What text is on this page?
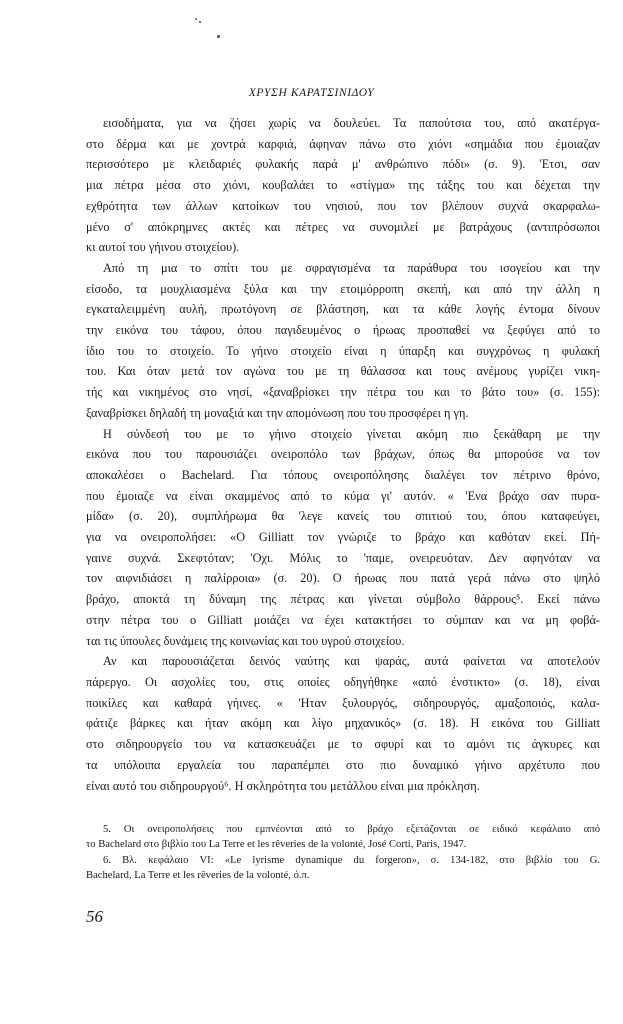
ΧΡΥΣΗ ΚΑΡΑΤΣΙΝΙΔΟΥ
εισοδήματα, για να ζήσει χωρίς να δουλεύει. Τα παπούτσια του, από ακατέργα-
στο δέρμα και με χοντρά καρφιά, άφηναν πάνω στο χιόνι «σημάδια που έμοιαζαν
περισσότερο με κλειδαριές φυλακής παρά μ' ανθρώπινο πόδι» (σ. 9). 'Ετσι, σαν
μια πέτρα μέσα στο χιόνι, κουβαλάει το «στίγμα» της τάξης του και δέχεται την
εχθρότητα των άλλων κατοίκων του νησιού, που τον βλέπουν συχνά σκαρφαλω-
μένο σ' απόκρημνες ακτές και πέτρες να συνομιλεί με βατράχους (αντιπρόσωποι
κι αυτοί του γήινου στοιχείου).
Από τη μια το σπίτι του με σφραγισμένα τα παράθυρα του ισογείου και την
είσοδο, τα μουχλιασμένα ξύλα και την ετοιμόρροπη σκεπή, και από την άλλη η
εγκαταλειμμένη αυλή, πρωτόγονη σε βλάστηση, και τα κάθε λογής έντομα δίνουν
την εικόνα του τάφου, όπου παγιδευμένος ο ήρωας προσπαθεί να ξεφύγει από το
ίδιο του το στοιχείο. Το γήινο στοιχείο είναι η ύπαρξη και συγχρόνως η φυλακή
του. Και όταν μετά τον αγώνα του με τη θάλασσα και τους ανέμους γυρίζει νικη-
τής και νικημένος στο νησί, «ξαναβρίσκει την πέτρα του και το βάτο του» (σ. 155):
ξαναβρίσκει δηλαδή τη μοναξιά και την απομόνωση που του προσφέρει η γη.
Η σύνδεσή του με το γήινο στοιχείο γίνεται ακόμη πιο ξεκάθαρη με την
εικόνα που του παρουσιάζει ονειροπόλο των βράχων, όπως θα μπορούσε να τον
αποκαλέσει ο Bachelard. Για τόπους ονειροπόλησης διαλέγει τον πέτρινο θρόνο,
που έμοιαζε να είναι σκαμμένος από το κύμα γι' αυτόν. « 'Ενα βράχο σαν πυρα-
μίδα» (σ. 20), συμπλήρωμα θα 'λεγε κανείς του σπιτιού του, όπου καταφεύγει,
για να ονειροπολήσει: «Ο Gilliatt τον γνώριζε το βράχο και καθόταν εκεί. Πή-
γαινε συχνά. Σκεφτόταν; 'Οχι. Μόλις το 'παμε, ονειρευόταν. Δεν αφηνόταν να
τον αιφνιδιάσει η παλίρροια» (σ. 20). Ο ήρωας που πατά γερά πάνω στο ψηλό
βράχο, αποκτά τη δύναμη της πέτρας και γίνεται σύμβολο θάρρους⁵. Εκεί πάνω
στην πέτρα του ο Gilliatt μοιάζει να έχει κατακτήσει το σύμπαν και να μη φοβά-
ται τις ύπουλες δυνάμεις της κοινωνίας και του υγρού στοιχείου.
Αν και παρουσιάζεται δεινός ναύτης και ψαράς, αυτά φαίνεται να αποτελούν
πάρεργο. Οι ασχολίες του, στις οποίες οδηγήθηκε «από ένστικτο» (σ. 18), είναι
ποικίλες και καθαρά γήινες. « 'Ηταν ξυλουργός, σιδηρουργός, αμαξοποιός, καλα-
φάτιζε βάρκες και ήταν ακόμη και λίγο μηχανικός» (σ. 18). Η εικόνα του Gilliatt
στο σιδηρουργείο του να κατασκευάζει με το σφυρί και το αμόνι τις άγκυρες και
τα υπόλοιπα εργαλεία του παραπέμπει στο πιο δυναμικό γήινο αρχέτυπο που
είναι αυτό του σιδηρουργού⁶. Η σκληρότητα του μετάλλου είναι μια πρόκληση.
5. Οι ονειροπολήσεις που εμπνέονται από το βράχο εξετάζονται σε ειδικό κεφάλαιο από
το Bachelard στο βιβλίο του La Terre et les rêveries de la volonté, José Corti, Paris, 1947.
6. Βλ. κεφάλαιο VI: «Le lyrisme dynamique du forgeron», σ. 134-182, στο βιβλίο του G.
Bachelard, La Terre et les rêveries de la volonté, ό.π.
56
